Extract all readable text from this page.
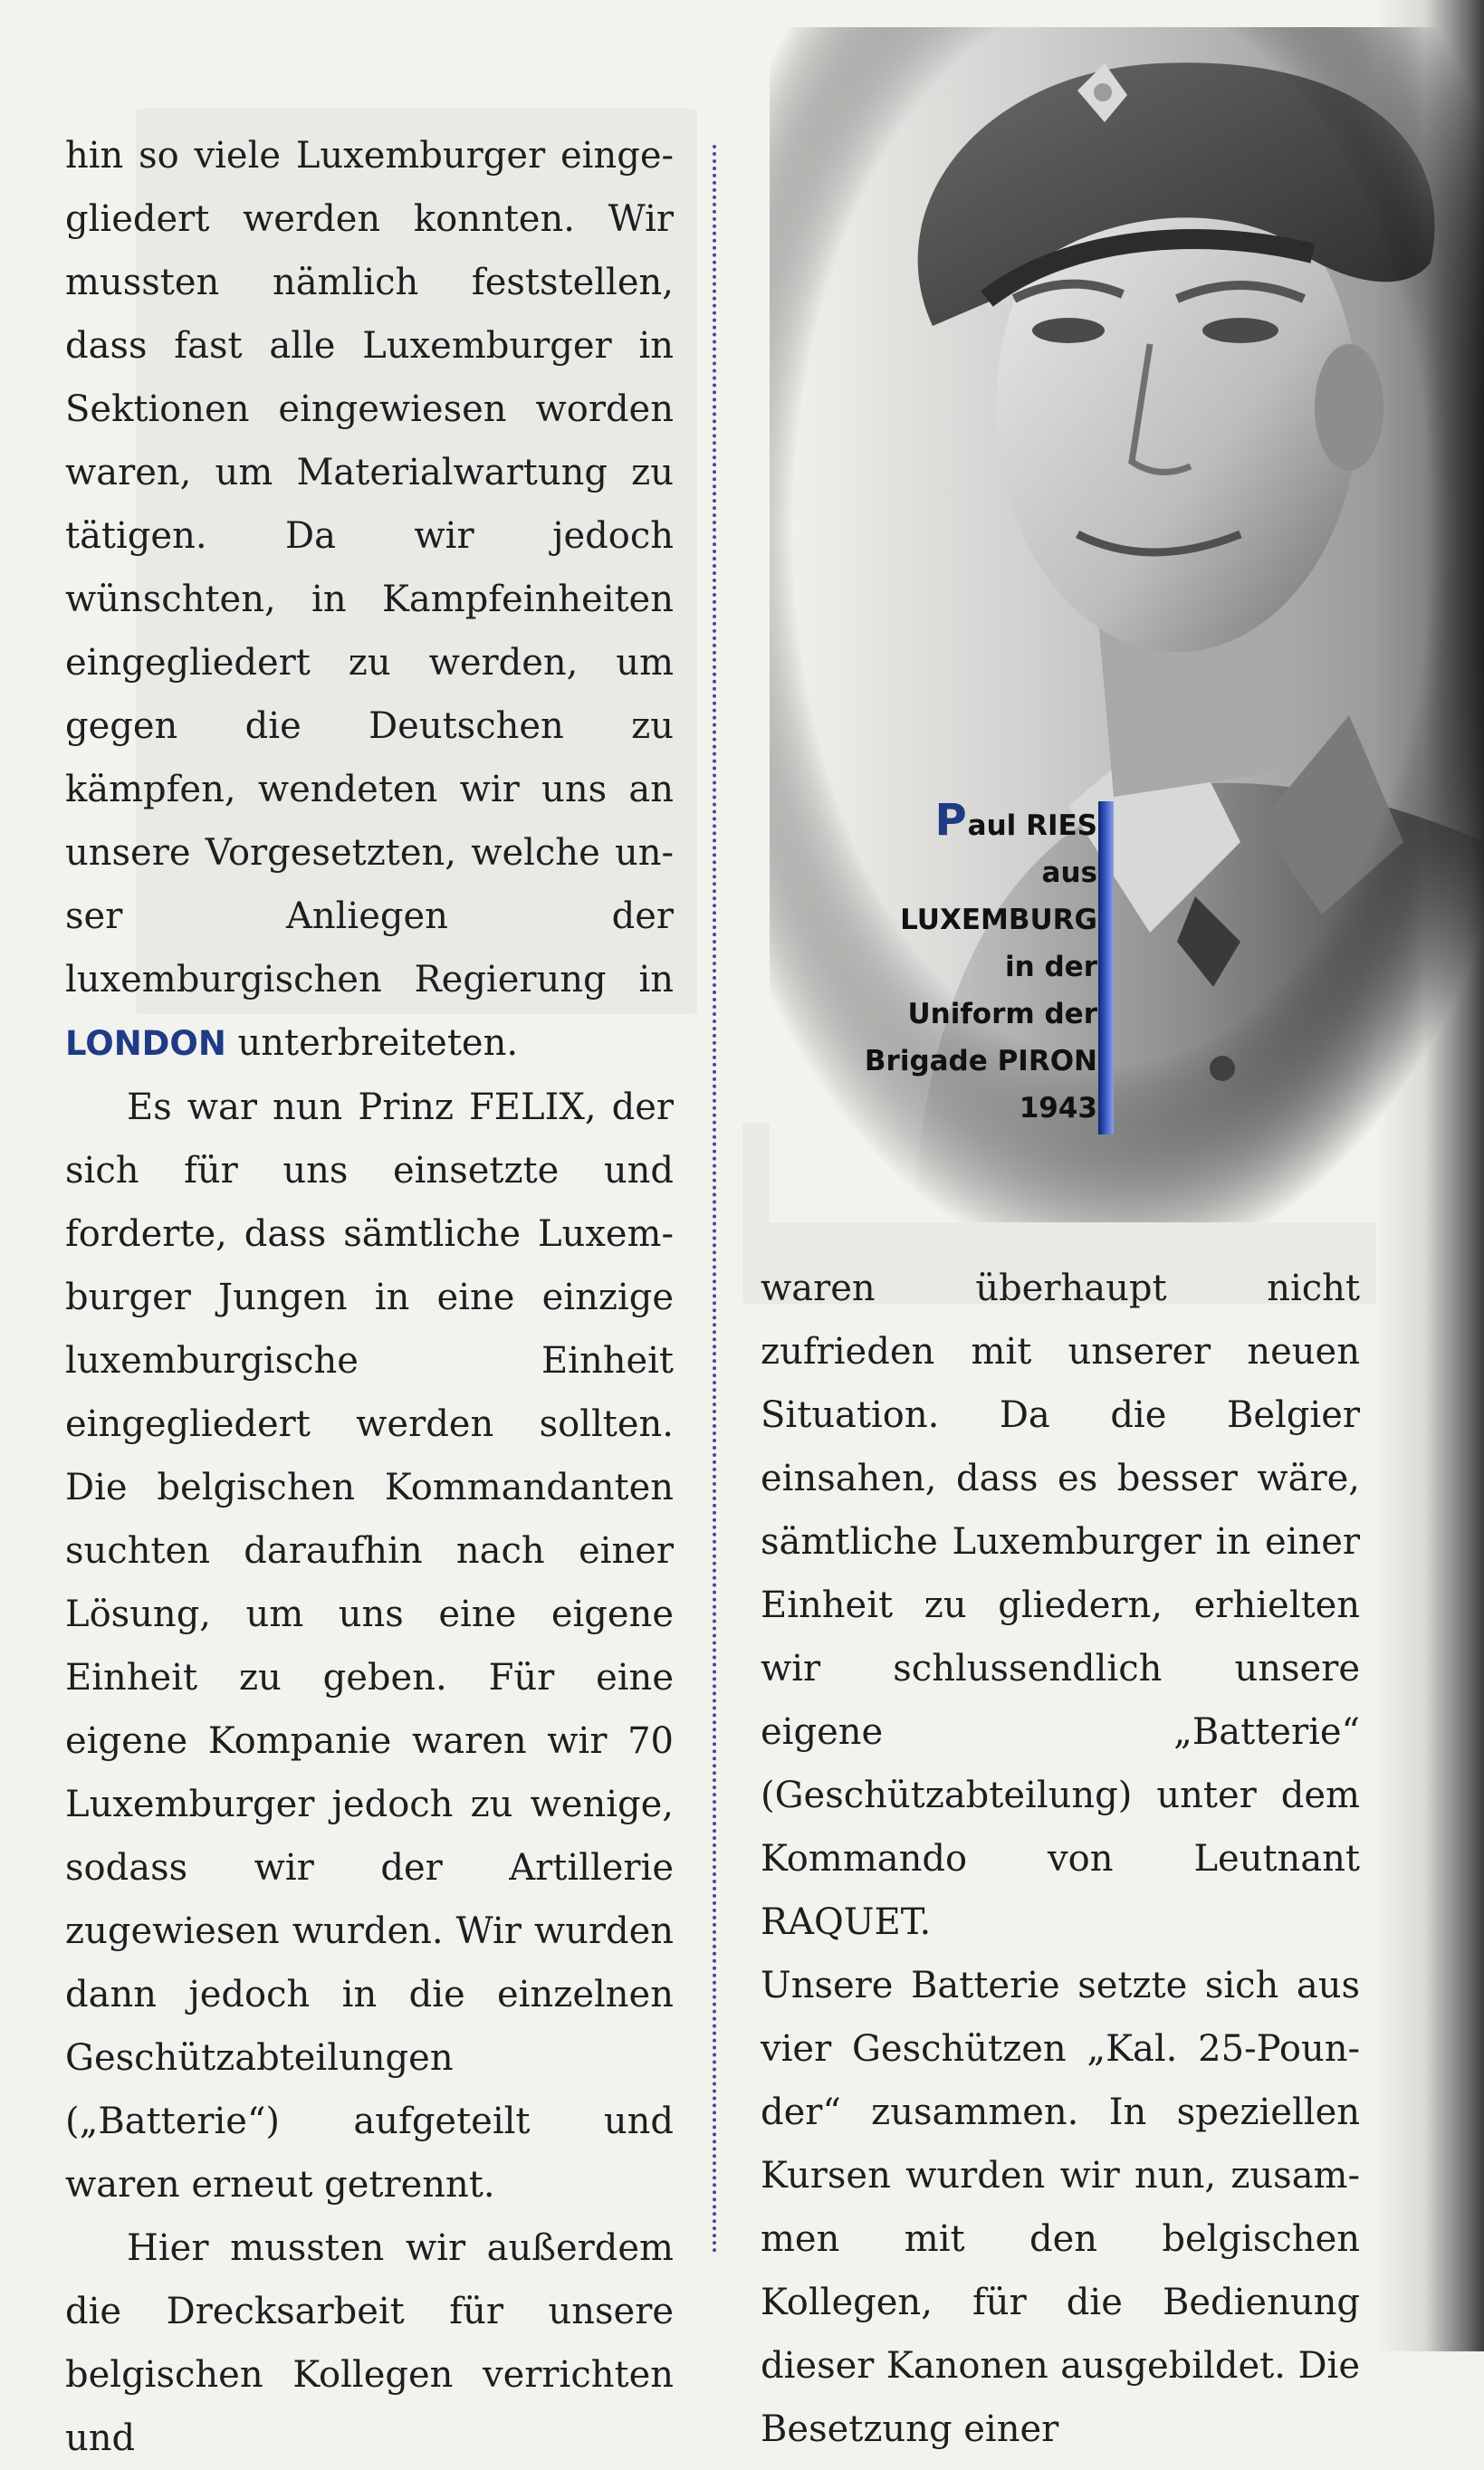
hin so viele Luxemburger eingegliedert werden konnten. Wir mussten nämlich feststellen, dass fast alle Luxemburger in Sektionen eingewiesen worden waren, um Materialwartung zu tätigen. Da wir jedoch wünschten, in Kampfeinheiten eingegliedert zu werden, um gegen die Deutschen zu kämpfen, wendeten wir uns an unsere Vorgesetzten, welche unser Anliegen der luxemburgischen Regierung in LONDON unterbreiteten.

Es war nun Prinz FELIX, der sich für uns einsetzte und forderte, dass sämtliche Luxemburger Jungen in eine einzige luxemburgische Einheit eingegliedert werden sollten. Die belgischen Kommandanten suchten daraufhin nach einer Lösung, um uns eine eigene Einheit zu geben. Für eine eigene Kompanie waren wir 70 Luxemburger jedoch zu wenige, sodass wir der Artillerie zugewiesen wurden. Wir wurden dann jedoch in die einzelnen Geschützabteilungen („Batterie“) aufgeteilt und waren erneut getrennt.

Hier mussten wir außerdem die Drecksarbeit für unsere belgischen Kollegen verrichten und

Paul RIES
aus
LUXEMBURG
in der
Uniform der
Brigade PIRON
1943

waren überhaupt nicht zufrieden mit unserer neuen Situation. Da die Belgier einsahen, dass es besser wäre, sämtliche Luxemburger in einer Einheit zu gliedern, erhielten wir schlussendlich unsere eigene „Batterie“ (Geschützabteilung) unter dem Kommando von Leutnant RAQUET.

Unsere Batterie setzte sich aus vier Geschützen „Kal. 25-Pounder“ zusammen. In speziellen Kursen wurden wir nun, zusammen mit den belgischen Kollegen, für die Bedienung dieser Kanonen ausgebildet. Die Besetzung einer
